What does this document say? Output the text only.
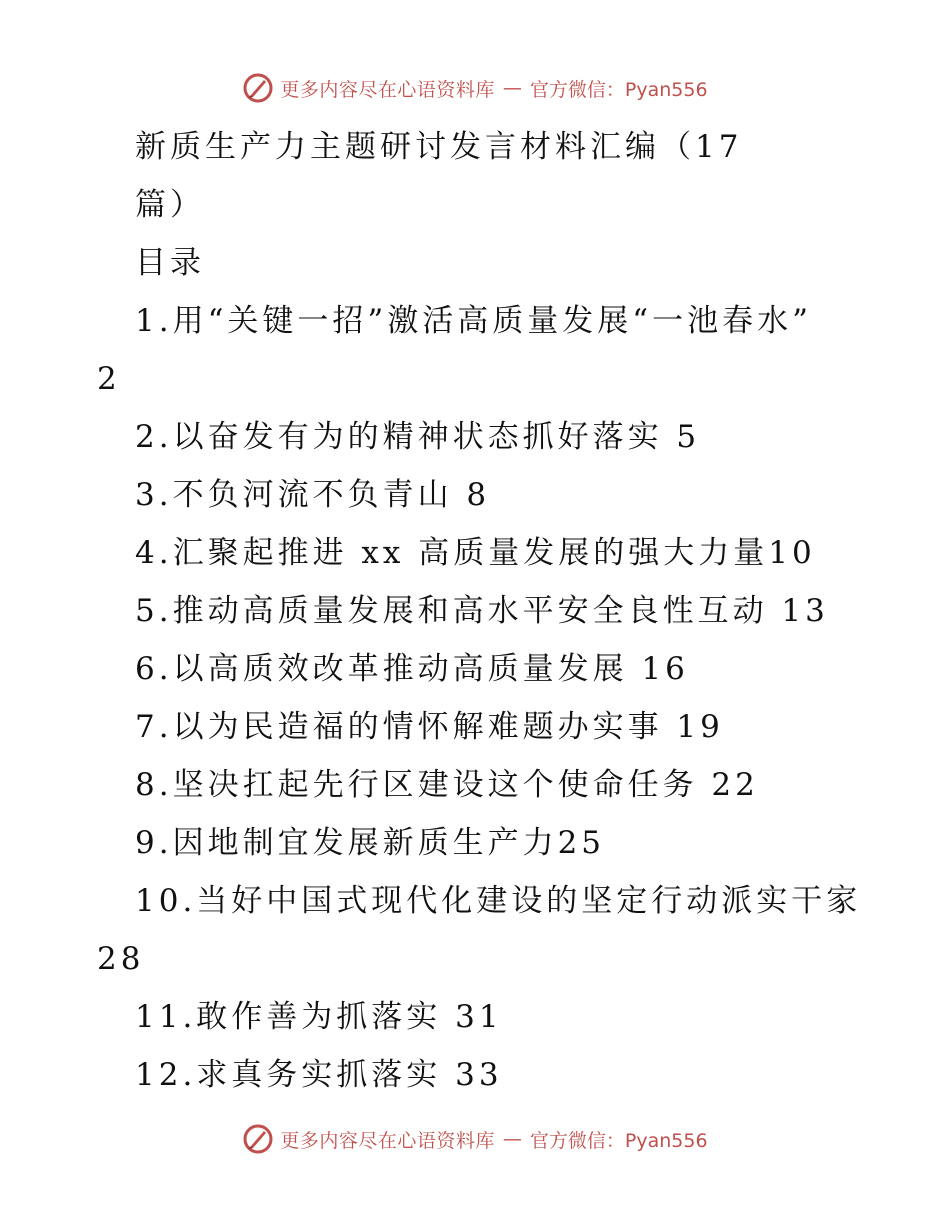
更多内容尽在心语资料库 — 官方微信：Pyan556
新质生产力主题研讨发言材料汇编（17
篇）
目录
1.用“关键一招”激活高质量发展“一池春水”
2
2.以奋发有为的精神状态抓好落实 5
3.不负河流不负青山 8
4.汇聚起推进 xx 高质量发展的强大力量10
5.推动高质量发展和高水平安全良性互动 13
6.以高质效改革推动高质量发展 16
7.以为民造福的情怀解难题办实事 19
8.坚决扛起先行区建设这个使命任务 22
9.因地制宜发展新质生产力25
10.当好中国式现代化建设的坚定行动派实干家
28
11.敢作善为抓落实 31
12.求真务实抓落实 33
更多内容尽在心语资料库 — 官方微信：Pyan556
